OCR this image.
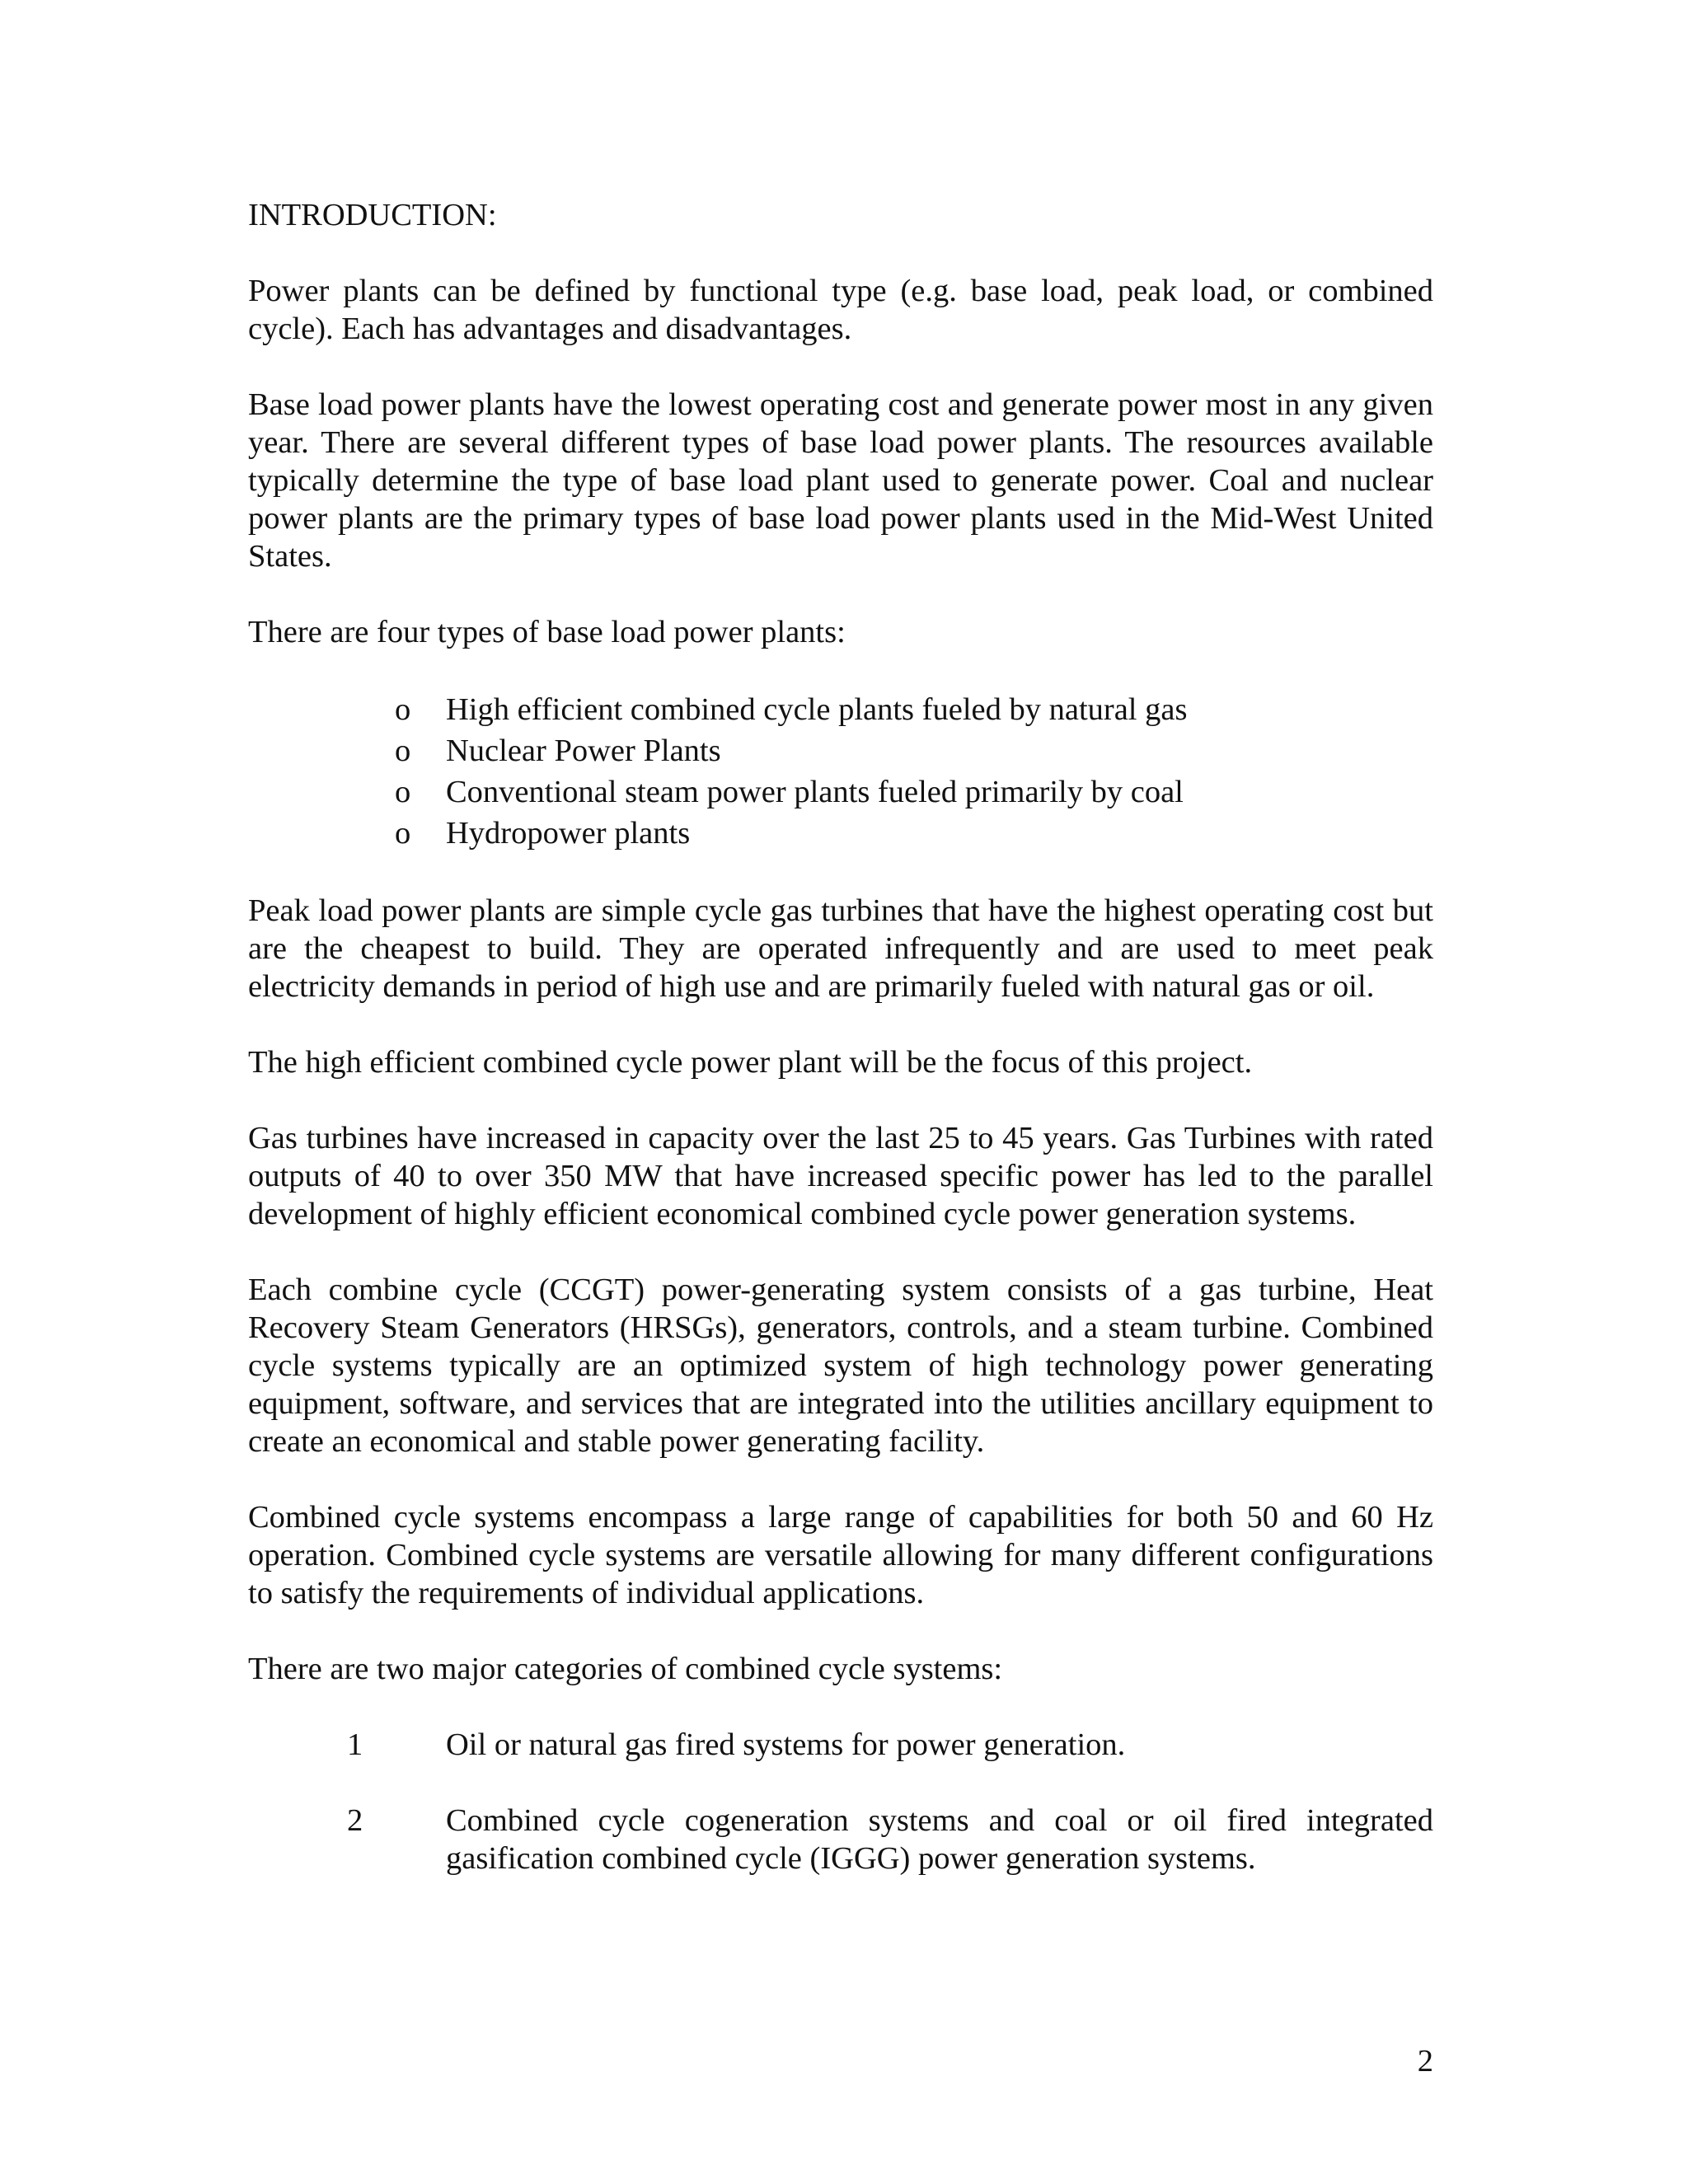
INTRODUCTION:

Power plants can be defined by functional type (e.g. base load, peak load, or combined cycle). Each has advantages and disadvantages.

Base load power plants have the lowest operating cost and generate power most in any given year. There are several different types of base load power plants. The resources available typically determine the type of base load plant used to generate power. Coal and nuclear power plants are the primary types of base load power plants used in the Mid-West United States.

There are four types of base load power plants:

o High efficient combined cycle plants fueled by natural gas
o Nuclear Power Plants
o Conventional steam power plants fueled primarily by coal
o Hydropower plants

Peak load power plants are simple cycle gas turbines that have the highest operating cost but are the cheapest to build. They are operated infrequently and are used to meet peak electricity demands in period of high use and are primarily fueled with natural gas or oil.

The high efficient combined cycle power plant will be the focus of this project.

Gas turbines have increased in capacity over the last 25 to 45 years. Gas Turbines with rated outputs of 40 to over 350 MW that have increased specific power has led to the parallel development of highly efficient economical combined cycle power generation systems.

Each combine cycle (CCGT) power-generating system consists of a gas turbine, Heat Recovery Steam Generators (HRSGs), generators, controls, and a steam turbine. Combined cycle systems typically are an optimized system of high technology power generating equipment, software, and services that are integrated into the utilities ancillary equipment to create an economical and stable power generating facility.

Combined cycle systems encompass a large range of capabilities for both 50 and 60 Hz operation. Combined cycle systems are versatile allowing for many different configurations to satisfy the requirements of individual applications.

There are two major categories of combined cycle systems:

1	Oil or natural gas fired systems for power generation.
2	Combined cycle cogeneration systems and coal or oil fired integrated gasification combined cycle (IGGG) power generation systems.
2
